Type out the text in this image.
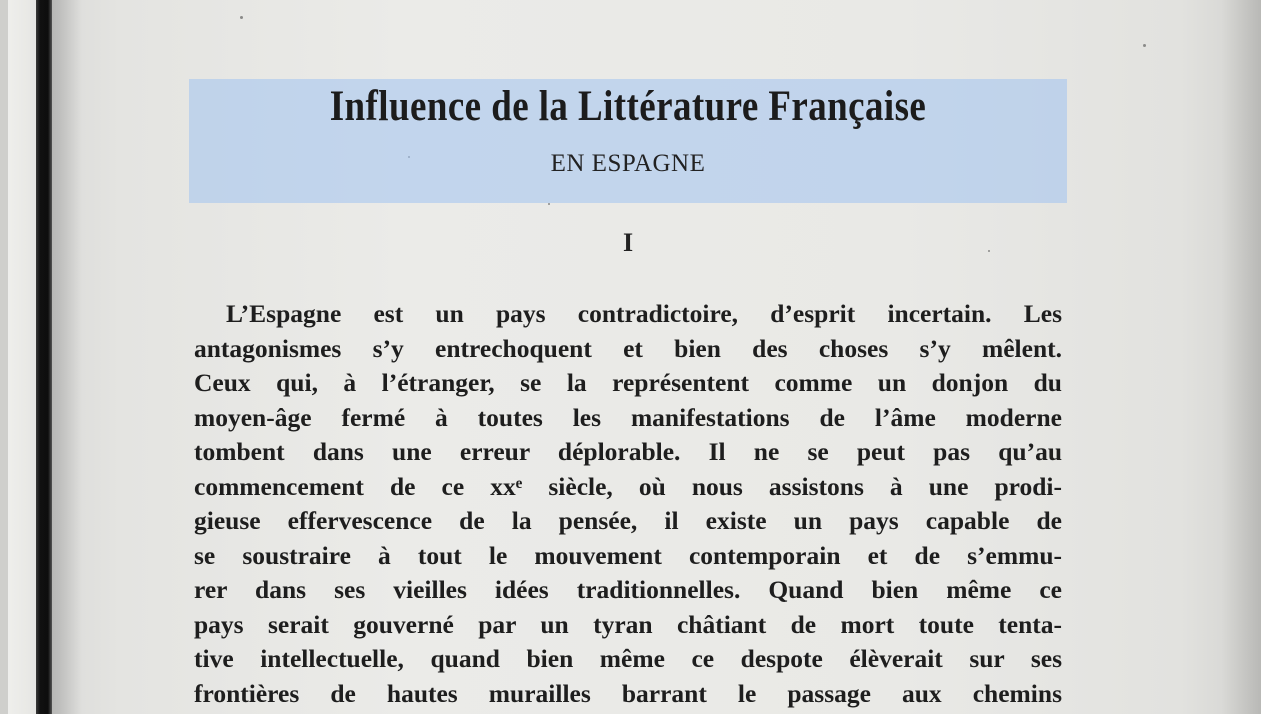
Influence de la Littérature Française
EN ESPAGNE
I
L’Espagne est un pays contradictoire, d’esprit incertain. Les
antagonismes s’y entrechoquent et bien des choses s’y mêlent.
Ceux qui, à l’étranger, se la représentent comme un donjon du
moyen-âge fermé à toutes les manifestations de l’âme moderne
tombent dans une erreur déplorable. Il ne se peut pas qu’au
commencement de ce xxᵉ siècle, où nous assistons à une prodi-
gieuse effervescence de la pensée, il existe un pays capable de
se soustraire à tout le mouvement contemporain et de s’emmu-
rer dans ses vieilles idées traditionnelles. Quand bien même ce
pays serait gouverné par un tyran châtiant de mort toute tenta-
tive intellectuelle, quand bien même ce despote élèverait sur ses
frontières de hautes murailles barrant le passage aux chemins
